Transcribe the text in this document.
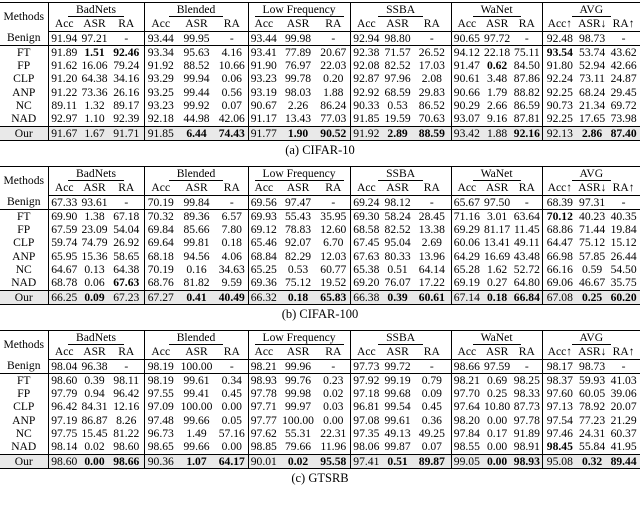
Methods	BadNets			Blended			Low Frequency			SSBA			WaNet			AVG		
	Acc	ASR	RA	Acc	ASR	RA	Acc	ASR	RA	Acc	ASR	RA	Acc	ASR	RA	Acc↑	ASR↓	RA↑
Benign	91.94	97.21	-	93.44	99.95	-	93.44	99.98	-	92.94	98.80	-	90.65	97.72	-	92.48	98.73	-
FT	91.89	1.51	92.46	93.34	95.63	4.16	93.41	77.89	20.67	92.38	71.57	26.52	94.12	22.18	75.11	93.54	53.74	43.62
FP	91.62	16.06	79.24	91.92	88.52	10.66	91.90	76.97	22.03	92.08	82.52	17.03	91.47	0.62	84.50	91.80	52.94	42.66
CLP	91.20	64.38	34.16	93.29	99.94	0.06	93.23	99.78	0.20	92.87	97.96	2.08	90.61	3.48	87.86	92.24	73.11	24.87
ANP	91.22	73.36	26.16	93.25	99.44	0.56	93.19	98.03	1.88	92.92	68.59	29.83	90.66	1.79	88.82	92.25	68.24	29.45
NC	89.11	1.32	89.17	93.23	99.92	0.07	90.67	2.26	86.24	90.33	0.53	86.52	90.29	2.66	86.59	90.73	21.34	69.72
NAD	92.97	1.10	92.39	92.18	44.98	42.06	91.17	13.43	77.03	91.85	19.59	70.63	93.07	9.16	87.81	92.25	17.65	73.98
Our	91.67	1.67	91.71	91.85	6.44	74.43	91.77	1.90	90.52	91.92	2.89	88.59	93.42	1.88	92.16	92.13	2.86	87.40
(a) CIFAR-10
Methods	BadNets			Blended			Low Frequency			SSBA			WaNet			AVG		
	Acc	ASR	RA	Acc	ASR	RA	Acc	ASR	RA	Acc	ASR	RA	Acc	ASR	RA	Acc↑	ASR↓	RA↑
Benign	67.33	93.61	-	70.19	99.84	-	69.56	97.47	-	69.24	98.12	-	65.67	97.50	-	68.39	97.31	-
FT	69.90	1.38	67.18	70.32	89.36	6.57	69.93	55.43	35.95	69.30	58.24	28.45	71.16	3.01	63.64	70.12	40.23	40.35
FP	67.59	23.09	54.04	69.84	85.66	7.80	69.12	78.83	12.60	68.58	82.52	13.38	69.29	81.17	11.45	68.86	71.44	19.84
CLP	59.74	74.79	26.92	69.64	99.81	0.18	65.46	92.07	6.70	67.45	95.04	2.69	60.06	13.41	49.11	64.47	75.12	15.12
ANP	65.95	15.36	58.65	68.18	94.56	4.06	68.84	82.29	12.03	67.63	80.33	13.96	64.29	16.69	43.48	66.98	57.85	26.44
NC	64.67	0.13	64.38	70.19	0.16	34.63	65.25	0.53	60.77	65.38	0.51	64.14	65.28	1.62	52.72	66.16	0.59	54.50
NAD	68.78	0.06	67.63	68.76	81.82	9.59	69.36	75.12	19.52	69.20	76.07	17.22	69.19	0.27	64.80	69.06	46.67	35.75
Our	66.25	0.09	67.23	67.27	0.41	40.49	66.32	0.18	65.83	66.38	0.39	60.61	67.14	0.18	66.84	67.08	0.25	60.20
(b) CIFAR-100
Methods	BadNets			Blended			Low Frequency			SSBA			WaNet			AVG		
	Acc	ASR	RA	Acc	ASR	RA	Acc	ASR	RA	Acc	ASR	RA	Acc	ASR	RA	Acc↑	ASR↓	RA↑
Benign	98.04	96.38	-	98.19	100.00	-	98.21	99.96	-	97.73	99.72	-	98.66	97.59	-	98.17	98.73	-
FT	98.60	0.39	98.11	98.19	99.61	0.34	98.93	99.76	0.23	97.92	99.19	0.79	98.21	0.69	98.25	98.37	59.93	41.03
FP	97.79	0.94	96.42	97.55	99.41	0.45	97.78	99.98	0.02	97.18	99.68	0.09	97.70	0.25	98.33	97.60	60.05	39.06
CLP	96.42	84.31	12.16	97.09	100.00	0.00	97.71	99.97	0.03	96.81	99.54	0.45	97.64	10.80	87.73	97.13	78.92	20.07
ANP	97.19	86.87	8.26	97.48	99.66	0.05	97.77	100.00	0.00	97.08	99.61	0.36	98.20	0.00	97.78	97.54	77.23	21.29
NC	97.75	15.45	81.22	96.73	1.49	57.16	97.62	55.31	22.31	97.35	49.13	49.25	97.84	0.17	91.89	97.46	24.31	60.37
NAD	98.14	0.02	98.60	98.65	99.66	0.00	98.85	79.66	11.96	98.06	99.87	0.07	98.55	0.00	98.91	98.45	55.84	41.95
Our	98.60	0.00	98.66	90.36	1.07	64.17	90.01	0.02	95.58	97.41	0.51	89.87	99.05	0.00	98.93	95.08	0.32	89.44
(c) GTSRB
